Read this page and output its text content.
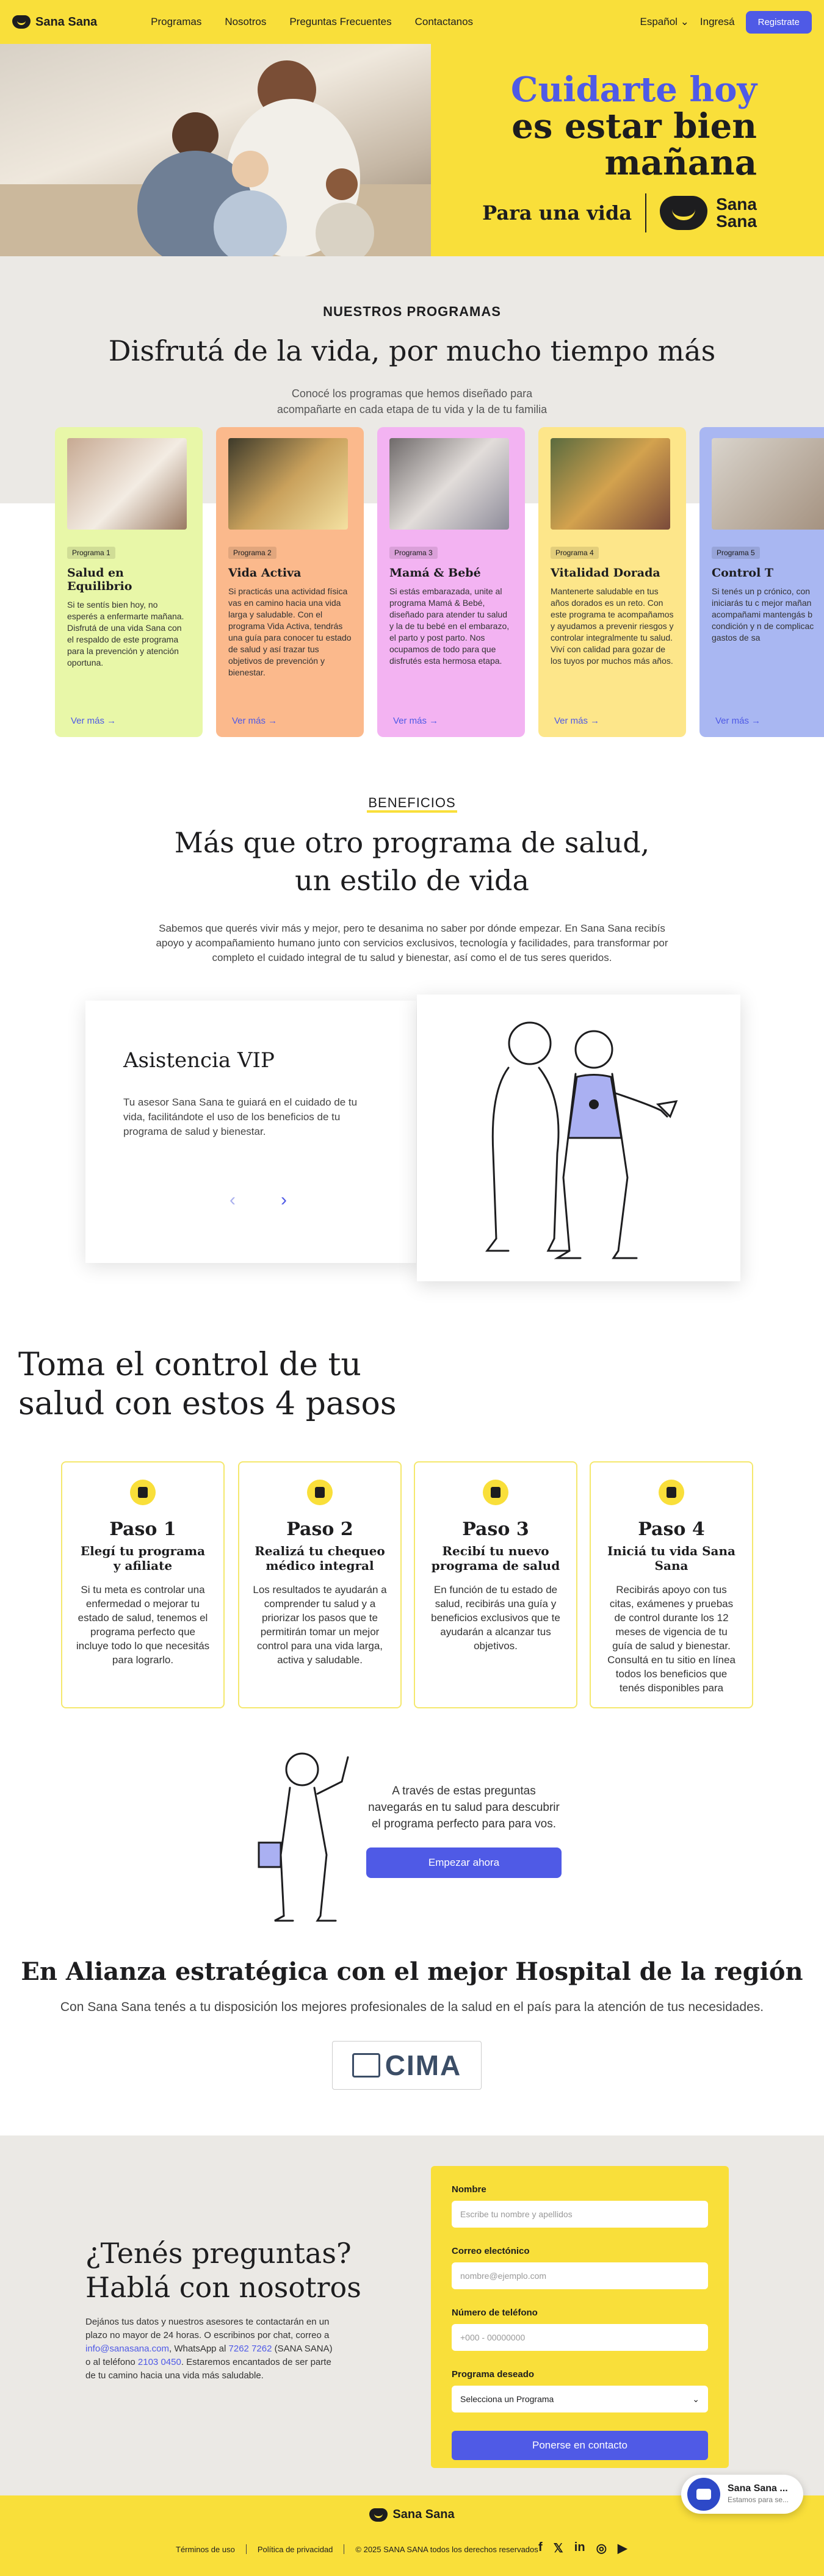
Sana Sana	Programas Nosotros Preguntas Frecuentes Contactanos	Español ⌄ Ingresá	Registrate
Cuidarte hoy
es estar bien
mañana
Para una vida	Sana
Sana
NUESTROS PROGRAMAS
Disfrutá de la vida, por mucho tiempo más
Conocé los programas que hemos diseñado para
acompañarte en cada etapa de tu vida y la de tu familia
Programa 1
Salud en Equilibrio

Si te sentís bien hoy, no esperés a enfermarte mañana. Disfrutá de una vida Sana con el respaldo de este programa para la prevención y atención oportuna.

Ver más →
Programa 2
Vida Activa

Si practicás una actividad física vas en camino hacia una vida larga y saludable. Con el programa Vida Activa, tendrás una guía para conocer tu estado de salud y así trazar tus objetivos de prevención y bienestar.

Ver más →
Programa 3
Mamá & Bebé

Si estás embarazada, unite al programa Mamá & Bebé, diseñado para atender tu salud y la de tu bebé en el embarazo, el parto y post parto. Nos ocupamos de todo para que disfrutés esta hermosa etapa.

Ver más →
Programa 4
Vitalidad Dorada

Mantenerte saludable en tus años dorados es un reto. Con este programa te acompañamos y ayudamos a prevenir riesgos y controlar integralmente tu salud. Viví con calidad para gozar de los tuyos por muchos más años.

Ver más →
Programa 5
Control T

Si tenés un p crónico, con iniciarás tu c mejor mañan acompañami mantengás b condición y n de complicac gastos de sa

Ver más →
BENEFICIOS
Más que otro programa de salud,
un estilo de vida
Sabemos que querés vivir más y mejor, pero te desanima no saber por dónde empezar. En Sana Sana recibís apoyo y acompañamiento humano junto con servicios exclusivos, tecnología y facilidades, para transformar por completo el cuidado integral de tu salud y bienestar, así como el de tus seres queridos.
Asistencia VIP

Tu asesor Sana Sana te guiará en el cuidado de tu vida, facilitándote el uso de los beneficios de tu programa de salud y bienestar.

‹ ›
Toma el control de tu
salud con estos 4 pasos
Paso 1
Elegí tu programa y afiliate

Si tu meta es controlar una enfermedad o mejorar tu estado de salud, tenemos el programa perfecto que incluye todo lo que necesitás para lograrlo.

Paso 2
Realizá tu chequeo médico integral

Los resultados te ayudarán a comprender tu salud y a priorizar los pasos que te permitirán tomar un mejor control para una vida larga, activa y saludable.

Paso 3
Recibí tu nuevo programa de salud

En función de tu estado de salud, recibirás una guía y beneficios exclusivos que te ayudarán a alcanzar tus objetivos.

Paso 4
Iniciá tu vida Sana Sana

Recibirás apoyo con tus citas, exámenes y pruebas de control durante los 12 meses de vigencia de tu guía de salud y bienestar. Consultá en tu sitio en línea todos los beneficios que tenés disponibles para

A través de estas preguntas navegarás en tu salud para descubrir el programa perfecto para para vos.
Empezar ahora
En Alianza estratégica con el mejor Hospital de la región
Con Sana Sana tenés a tu disposición los mejores profesionales de la salud en el país para la atención de tus necesidades.
CIMA
¿Tenés preguntas?
Hablá con nosotros
Dejános tus datos y nuestros asesores te contactarán en un plazo no mayor de 24 horas. O escribinos por chat, correo a info@sanasana.com, WhatsApp al 7262 7262 (SANA SANA) o al teléfono 2103 0450. Estaremos encantados de ser parte de tu camino hacia una vida más saludable.
Nombre
Escribe tu nombre y apellidos
Correo electónico
nombre@ejemplo.com
Número de teléfono
+000 - 00000000
Programa deseado
Selecciona un Programa	⌄
Ponerse en contacto
Sana Sana
Términos de uso	Política de privacidad	© 2025 SANA SANA todos los derechos reservados f 𝕏 in ◎ ▶
Sana Sana ...
Estamos para se...
